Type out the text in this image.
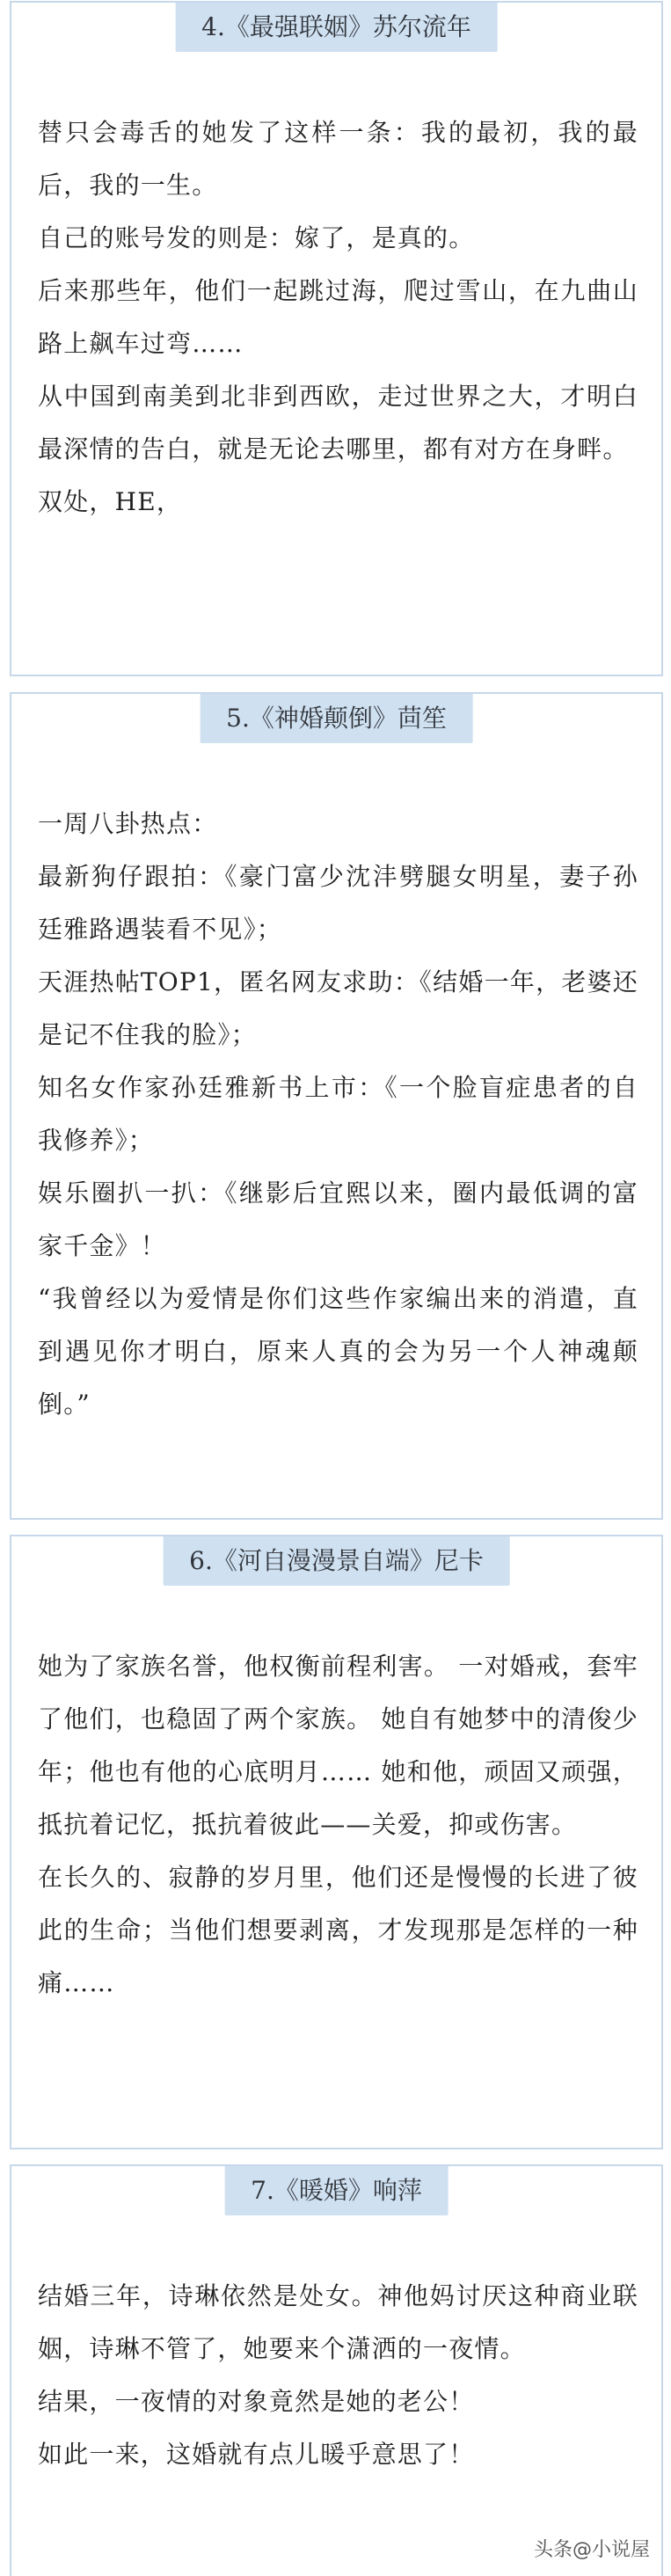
4.《最强联姻》苏尔流年

替只会毒舌的她发了这样一条：我的最初，我的最后，我的一生。

自己的账号发的则是：嫁了，是真的。

后来那些年，他们一起跳过海，爬过雪山，在九曲山路上飙车过弯……

从中国到南美到北非到西欧，走过世界之大，才明白最深情的告白，就是无论去哪里，都有对方在身畔。

双处，HE，

5.《神婚颠倒》茴笙

一周八卦热点：

最新狗仔跟拍：《豪门富少沈沣劈腿女明星，妻子孙廷雅路遇装看不见》；

天涯热帖TOP1，匿名网友求助：《结婚一年，老婆还是记不住我的脸》；

知名女作家孙廷雅新书上市：《一个脸盲症患者的自我修养》；

娱乐圈扒一扒：《继影后宜熙以来，圈内最低调的富家千金》！

“我曾经以为爱情是你们这些作家编出来的消遣，直到遇见你才明白，原来人真的会为另一个人神魂颠倒。”

6.《河自漫漫景自端》尼卡

她为了家族名誉，他权衡前程利害。 一对婚戒，套牢了他们，也稳固了两个家族。 她自有她梦中的清俊少年；他也有他的心底明月…… 她和他，顽固又顽强，抵抗着记忆，抵抗着彼此——关爱，抑或伤害。

在长久的、寂静的岁月里，他们还是慢慢的长进了彼此的生命；当他们想要剥离，才发现那是怎样的一种痛……

7.《暖婚》响萍

结婚三年，诗琳依然是处女。神他妈讨厌这种商业联姻，诗琳不管了，她要来个潇洒的一夜情。

结果，一夜情的对象竟然是她的老公！

如此一来，这婚就有点儿暖乎意思了！

头条@小说屋
